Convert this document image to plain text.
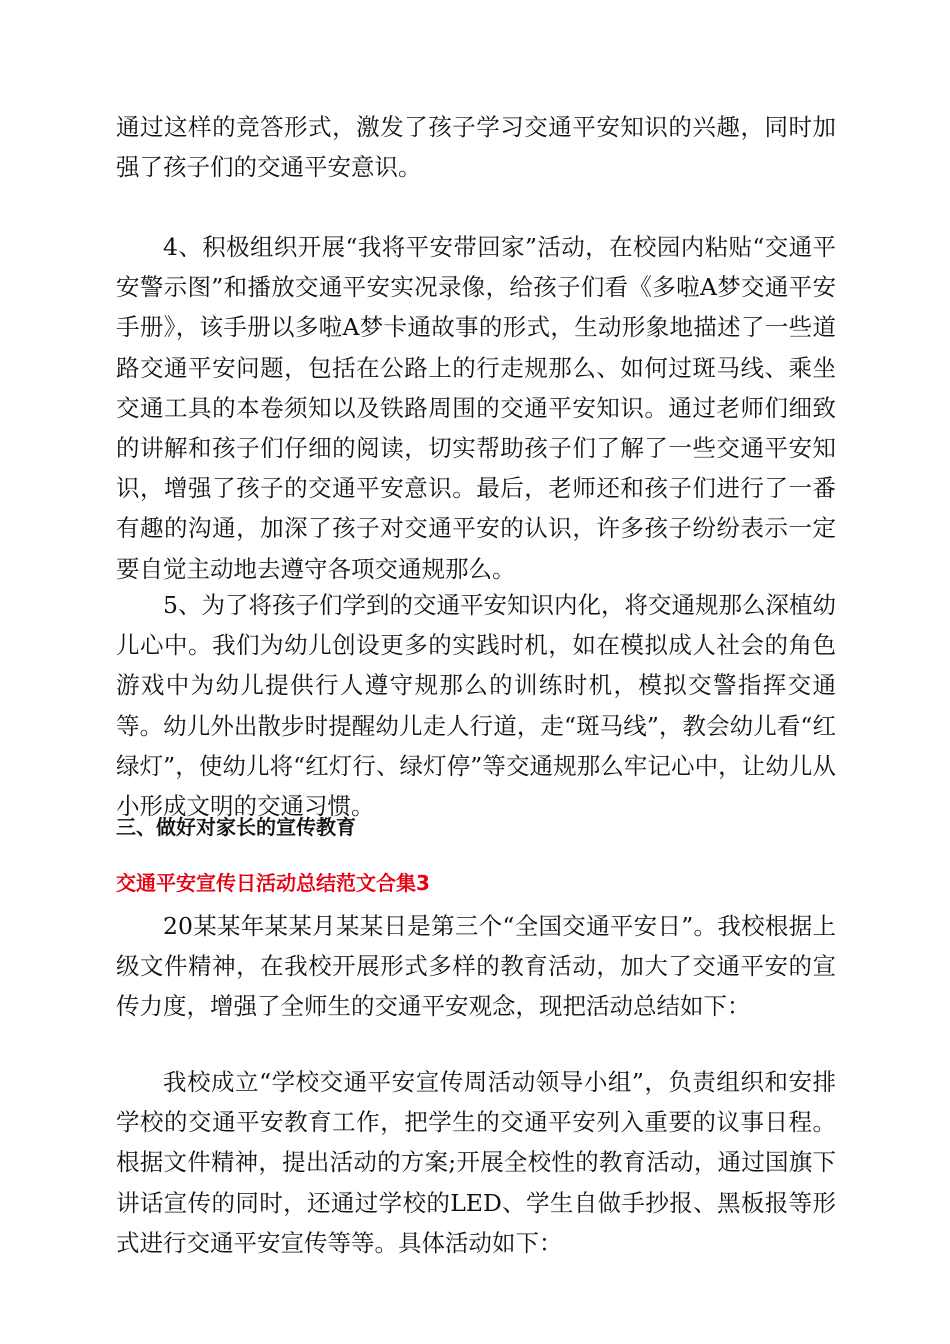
通过这样的竞答形式，激发了孩子学习交通平安知识的兴趣，同时加强了孩子们的交通平安意识。

4、积极组织开展“我将平安带回家”活动，在校园内粘贴“交通平安警示图”和播放交通平安实况录像，给孩子们看《多啦A梦交通平安手册》，该手册以多啦A梦卡通故事的形式，生动形象地描述了一些道路交通平安问题，包括在公路上的行走规那么、如何过斑马线、乘坐交通工具的本卷须知以及铁路周围的交通平安知识。通过老师们细致的讲解和孩子们仔细的阅读，切实帮助孩子们了解了一些交通平安知识，增强了孩子的交通平安意识。最后，老师还和孩子们进行了一番有趣的沟通，加深了孩子对交通平安的认识，许多孩子纷纷表示一定要自觉主动地去遵守各项交通规那么。

5、为了将孩子们学到的交通平安知识内化，将交通规那么深植幼儿心中。我们为幼儿创设更多的实践时机，如在模拟成人社会的角色游戏中为幼儿提供行人遵守规那么的训练时机，模拟交警指挥交通等。幼儿外出散步时提醒幼儿走人行道，走“斑马线”，教会幼儿看“红绿灯”，使幼儿将“红灯行、绿灯停”等交通规那么牢记心中，让幼儿从小形成文明的交通习惯。

三、做好对家长的宣传教育
交通平安宣传日活动总结范文合集3

20某某年某某月某某日是第三个“全国交通平安日”。我校根据上级文件精神，在我校开展形式多样的教育活动，加大了交通平安的宣传力度，增强了全师生的交通平安观念，现把活动总结如下：

我校成立“学校交通平安宣传周活动领导小组”，负责组织和安排学校的交通平安教育工作，把学生的交通平安列入重要的议事日程。根据文件精神，提出活动的方案;开展全校性的教育活动，通过国旗下讲话宣传的同时，还通过学校的LED、学生自做手抄报、黑板报等形式进行交通平安宣传等等。具体活动如下：
